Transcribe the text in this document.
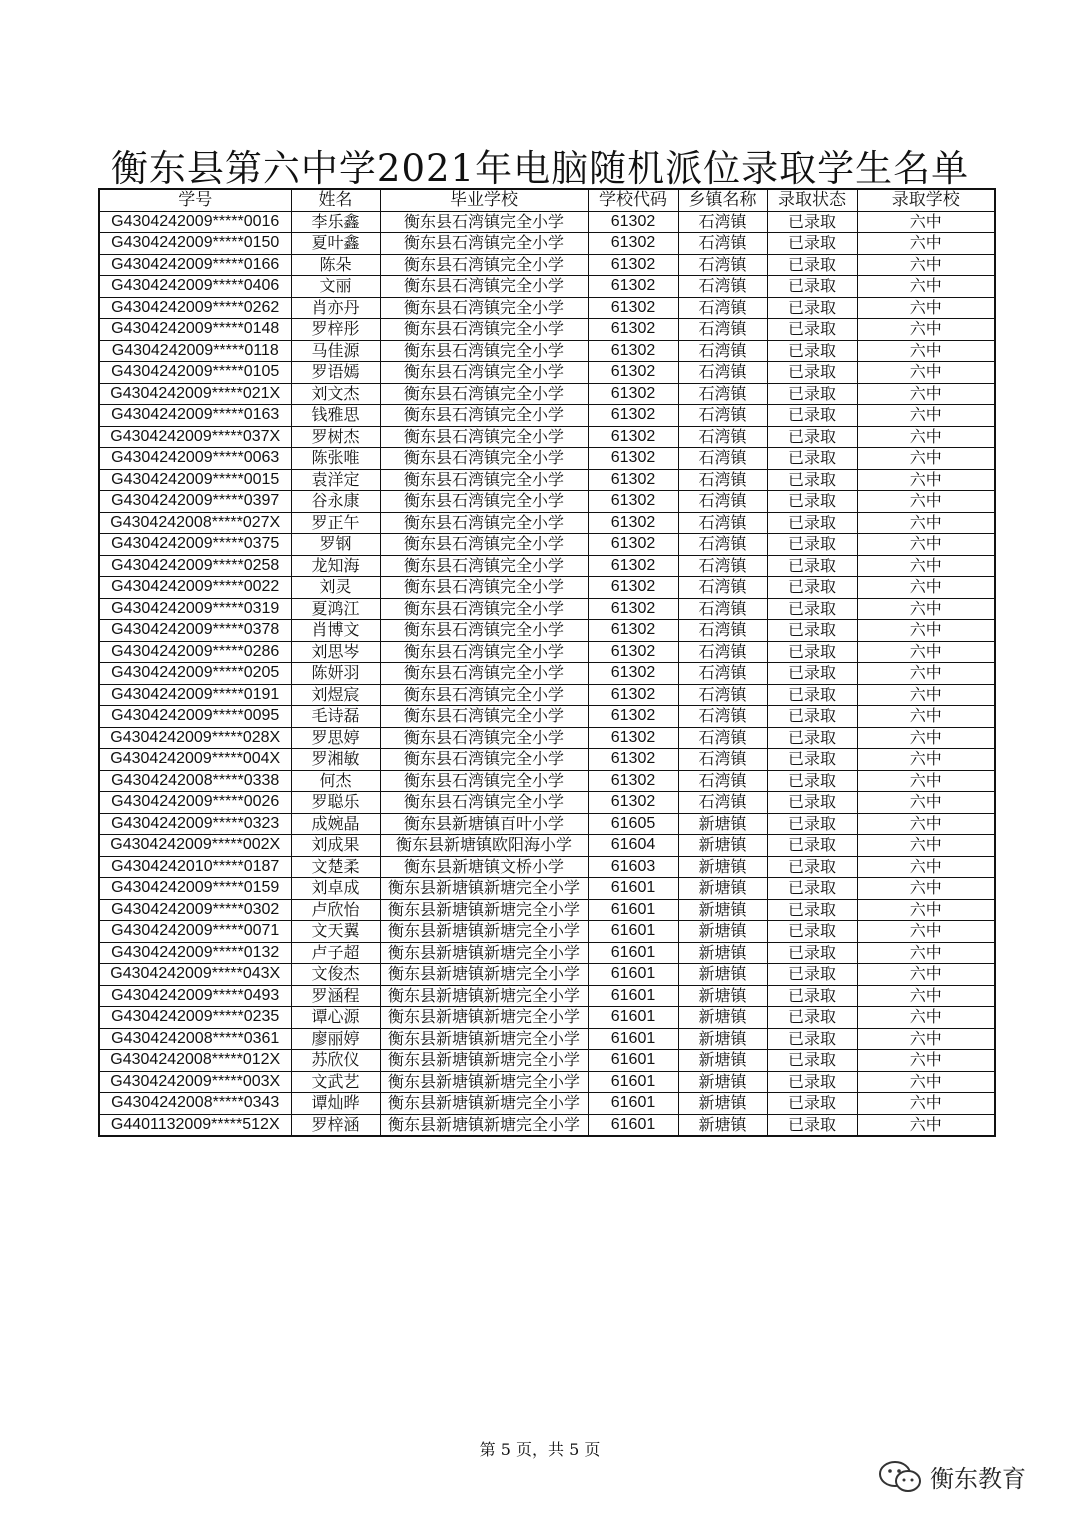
衡东县第六中学2021年电脑随机派位录取学生名单
学号	姓名	毕业学校	学校代码	乡镇名称	录取状态	录取学校
G4304242009*****0016	李乐鑫	衡东县石湾镇完全小学	61302	石湾镇	已录取	六中
G4304242009*****0150	夏叶鑫	衡东县石湾镇完全小学	61302	石湾镇	已录取	六中
G4304242009*****0166	陈朵	衡东县石湾镇完全小学	61302	石湾镇	已录取	六中
G4304242009*****0406	文丽	衡东县石湾镇完全小学	61302	石湾镇	已录取	六中
G4304242009*****0262	肖亦丹	衡东县石湾镇完全小学	61302	石湾镇	已录取	六中
G4304242009*****0148	罗梓彤	衡东县石湾镇完全小学	61302	石湾镇	已录取	六中
G4304242009*****0118	马佳源	衡东县石湾镇完全小学	61302	石湾镇	已录取	六中
G4304242009*****0105	罗语嫣	衡东县石湾镇完全小学	61302	石湾镇	已录取	六中
G4304242009*****021X	刘文杰	衡东县石湾镇完全小学	61302	石湾镇	已录取	六中
G4304242009*****0163	钱雅思	衡东县石湾镇完全小学	61302	石湾镇	已录取	六中
G4304242009*****037X	罗树杰	衡东县石湾镇完全小学	61302	石湾镇	已录取	六中
G4304242009*****0063	陈张唯	衡东县石湾镇完全小学	61302	石湾镇	已录取	六中
G4304242009*****0015	袁洋定	衡东县石湾镇完全小学	61302	石湾镇	已录取	六中
G4304242009*****0397	谷永康	衡东县石湾镇完全小学	61302	石湾镇	已录取	六中
G4304242008*****027X	罗正午	衡东县石湾镇完全小学	61302	石湾镇	已录取	六中
G4304242009*****0375	罗钢	衡东县石湾镇完全小学	61302	石湾镇	已录取	六中
G4304242009*****0258	龙知海	衡东县石湾镇完全小学	61302	石湾镇	已录取	六中
G4304242009*****0022	刘灵	衡东县石湾镇完全小学	61302	石湾镇	已录取	六中
G4304242009*****0319	夏鸿江	衡东县石湾镇完全小学	61302	石湾镇	已录取	六中
G4304242009*****0378	肖博文	衡东县石湾镇完全小学	61302	石湾镇	已录取	六中
G4304242009*****0286	刘思岑	衡东县石湾镇完全小学	61302	石湾镇	已录取	六中
G4304242009*****0205	陈妍羽	衡东县石湾镇完全小学	61302	石湾镇	已录取	六中
G4304242009*****0191	刘煜宸	衡东县石湾镇完全小学	61302	石湾镇	已录取	六中
G4304242009*****0095	毛诗磊	衡东县石湾镇完全小学	61302	石湾镇	已录取	六中
G4304242009*****028X	罗思婷	衡东县石湾镇完全小学	61302	石湾镇	已录取	六中
G4304242009*****004X	罗湘敏	衡东县石湾镇完全小学	61302	石湾镇	已录取	六中
G4304242008*****0338	何杰	衡东县石湾镇完全小学	61302	石湾镇	已录取	六中
G4304242009*****0026	罗聪乐	衡东县石湾镇完全小学	61302	石湾镇	已录取	六中
G4304242009*****0323	成婉晶	衡东县新塘镇百叶小学	61605	新塘镇	已录取	六中
G4304242009*****002X	刘成果	衡东县新塘镇欧阳海小学	61604	新塘镇	已录取	六中
G4304242010*****0187	文楚柔	衡东县新塘镇文桥小学	61603	新塘镇	已录取	六中
G4304242009*****0159	刘卓成	衡东县新塘镇新塘完全小学	61601	新塘镇	已录取	六中
G4304242009*****0302	卢欣怡	衡东县新塘镇新塘完全小学	61601	新塘镇	已录取	六中
G4304242009*****0071	文天翼	衡东县新塘镇新塘完全小学	61601	新塘镇	已录取	六中
G4304242009*****0132	卢子超	衡东县新塘镇新塘完全小学	61601	新塘镇	已录取	六中
G4304242009*****043X	文俊杰	衡东县新塘镇新塘完全小学	61601	新塘镇	已录取	六中
G4304242009*****0493	罗涵程	衡东县新塘镇新塘完全小学	61601	新塘镇	已录取	六中
G4304242009*****0235	谭心源	衡东县新塘镇新塘完全小学	61601	新塘镇	已录取	六中
G4304242008*****0361	廖丽婷	衡东县新塘镇新塘完全小学	61601	新塘镇	已录取	六中
G4304242008*****012X	苏欣仪	衡东县新塘镇新塘完全小学	61601	新塘镇	已录取	六中
G4304242009*****003X	文武艺	衡东县新塘镇新塘完全小学	61601	新塘镇	已录取	六中
G4304242008*****0343	谭灿晔	衡东县新塘镇新塘完全小学	61601	新塘镇	已录取	六中
G4401132009*****512X	罗梓涵	衡东县新塘镇新塘完全小学	61601	新塘镇	已录取	六中
第 5 页，共 5 页
衡东教育
